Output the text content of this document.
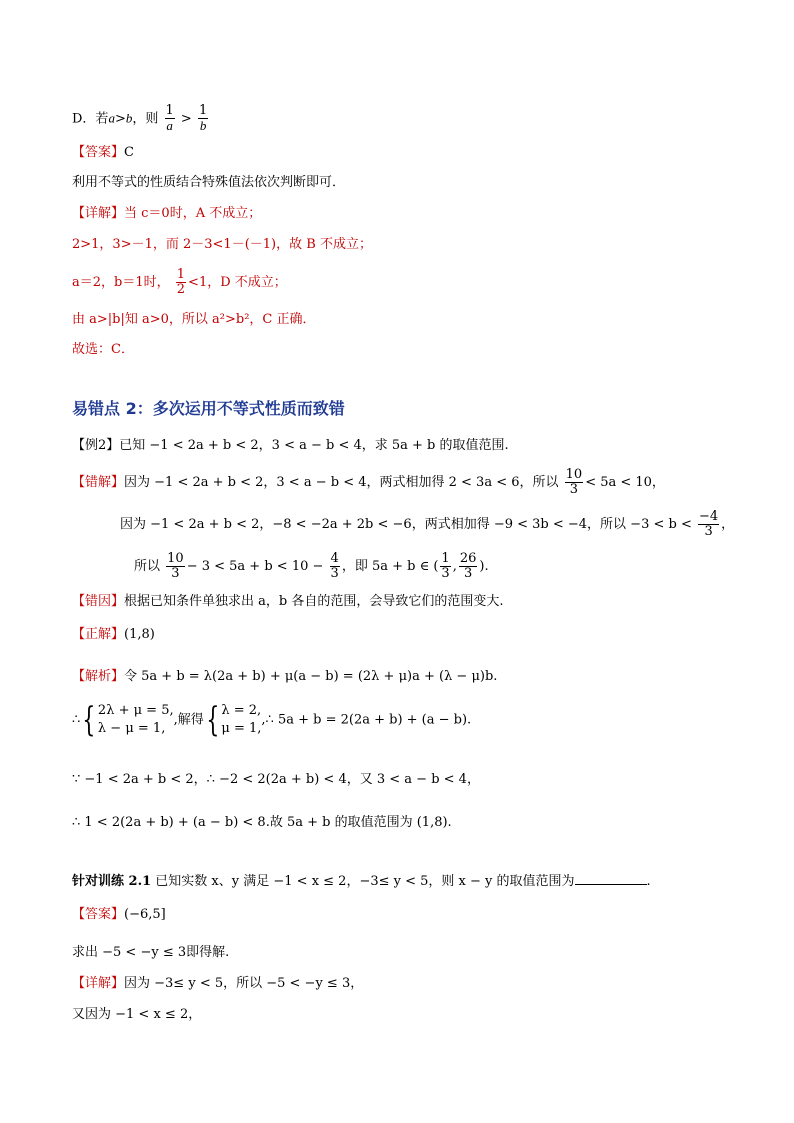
D．若a>b，则 $\frac{1}{a} > \frac{1}{b}$
【答案】C
利用不等式的性质结合特殊值法依次判断即可．
【详解】当 c＝0时，A 不成立；
2>1，3>－1，而 2－3<1－(－1)，故 B 不成立；
a＝2，b＝1时， $\frac{1}{2} <1$，D 不成立；
由 a>|b|知 a>0，所以 a²>b²，C 正确．
故选：C．
易错点 2：多次运用不等式性质而致错
【例2】已知 −1 < 2a + b < 2，3 < a − b < 4，求 5a + b 的取值范围.
【错解】因为 −1 < 2a + b < 2，3 < a − b < 4，两式相加得 2 < 3a < 6，所以 $\frac{10}{3} < 5a < 10$，
因为 −1 < 2a + b < 2，−8 < −2a + 2b < −6，两式相加得 −9 < 3b < −4，所以 $-3 < b < \frac{-4}{3}$ ，
所以 $\frac{10}{3} - 3 < 5a + b < 10 - \frac{4}{3}$ ，即 5a + b ∈ ( $\frac{1}{3}$ , $\frac{26}{3}$ ).
【错因】根据已知条件单独求出 a，b 各自的范围，会导致它们的范围变大.
【正解】(1,8)
【解析】令 5a + b = λ(2a + b) + μ(a − b) = (2λ + μ)a + (λ − μ)b.
∴{ 2λ + μ = 5,
λ − μ = 1,,解得{ λ = 2,
μ = 1,,∴ 5a + b = 2(2a + b) + (a − b).
∵ −1 < 2a + b < 2，∴ −2 < 2(2a + b) < 4，又 3 < a − b < 4，
∴ 1 < 2(2a + b) + (a − b) < 8.故 5a + b 的取值范围为 (1,8).
针对训练 2.1 已知实数 x、y 满足 −1 < x ≤ 2，−3≤ y < 5，则 x − y 的取值范围为	.
【答案】(−6,5]
求出 −5 < −y ≤ 3即得解.
【详解】因为 −3≤ y < 5，所以 −5 < −y ≤ 3，
又因为 −1 < x ≤ 2，
